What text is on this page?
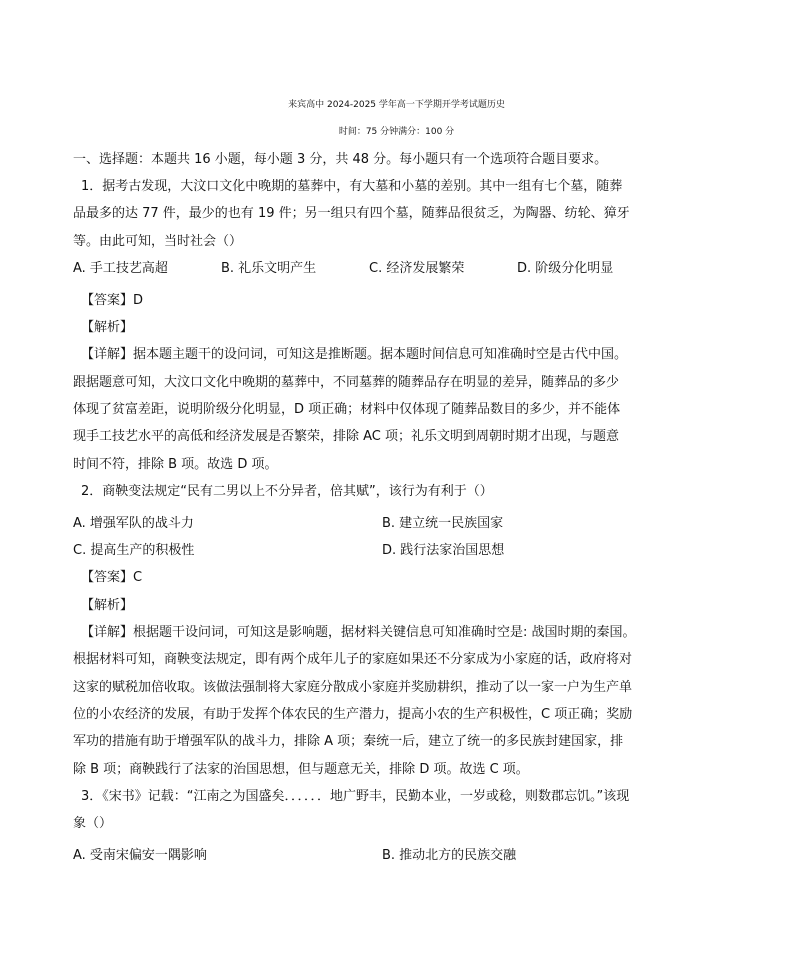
来宾高中 2024-2025 学年高一下学期开学考试题历史
时间：75 分钟满分：100 分
一、选择题：本题共 16 小题，每小题 3 分，共 48 分。每小题只有一个选项符合题目要求。
1．据考古发现，大汶口文化中晚期的墓葬中，有大墓和小墓的差别。其中一组有七个墓，随葬
品最多的达 77 件，最少的也有 19 件；另一组只有四个墓，随葬品很贫乏，为陶器、纺轮、獐牙
等。由此可知，当时社会（）
A. 手工技艺高超	B. 礼乐文明产生	C. 经济发展繁荣	D. 阶级分化明显
【答案】D
【解析】
【详解】据本题主题干的设问词，可知这是推断题。据本题时间信息可知准确时空是古代中国。
跟据题意可知，大汶口文化中晚期的墓葬中，不同墓葬的随葬品存在明显的差异，随葬品的多少
体现了贫富差距，说明阶级分化明显，D 项正确；材料中仅体现了随葬品数目的多少，并不能体
现手工技艺水平的高低和经济发展是否繁荣，排除 AC 项；礼乐文明到周朝时期才出现，与题意
时间不符，排除 B 项。故选 D 项。
2．商鞅变法规定“民有二男以上不分异者，倍其赋”，该行为有利于（）
A. 增强军队的战斗力	B. 建立统一民族国家
C. 提高生产的积极性	D. 践行法家治国思想
【答案】C
【解析】
【详解】根据题干设问词，可知这是影响题，据材料关键信息可知准确时空是: 战国时期的秦国。
根据材料可知，商鞅变法规定，即有两个成年儿子的家庭如果还不分家成为小家庭的话，政府将对
这家的赋税加倍收取。该做法强制将大家庭分散成小家庭并奖励耕织，推动了以一家一户为生产单
位的小农经济的发展，有助于发挥个体农民的生产潜力，提高小农的生产积极性，C 项正确；奖励
军功的措施有助于增强军队的战斗力，排除 A 项；秦统一后，建立了统一的多民族封建国家，排
除 B 项；商鞅践行了法家的治国思想，但与题意无关，排除 D 项。故选 C 项。
3．《宋书》记载：“江南之为国盛矣．．．．．．地广野丰，民勤本业，一岁或稔，则数郡忘饥。”该现
象（）
A. 受南宋偏安一隅影响	B. 推动北方的民族交融
